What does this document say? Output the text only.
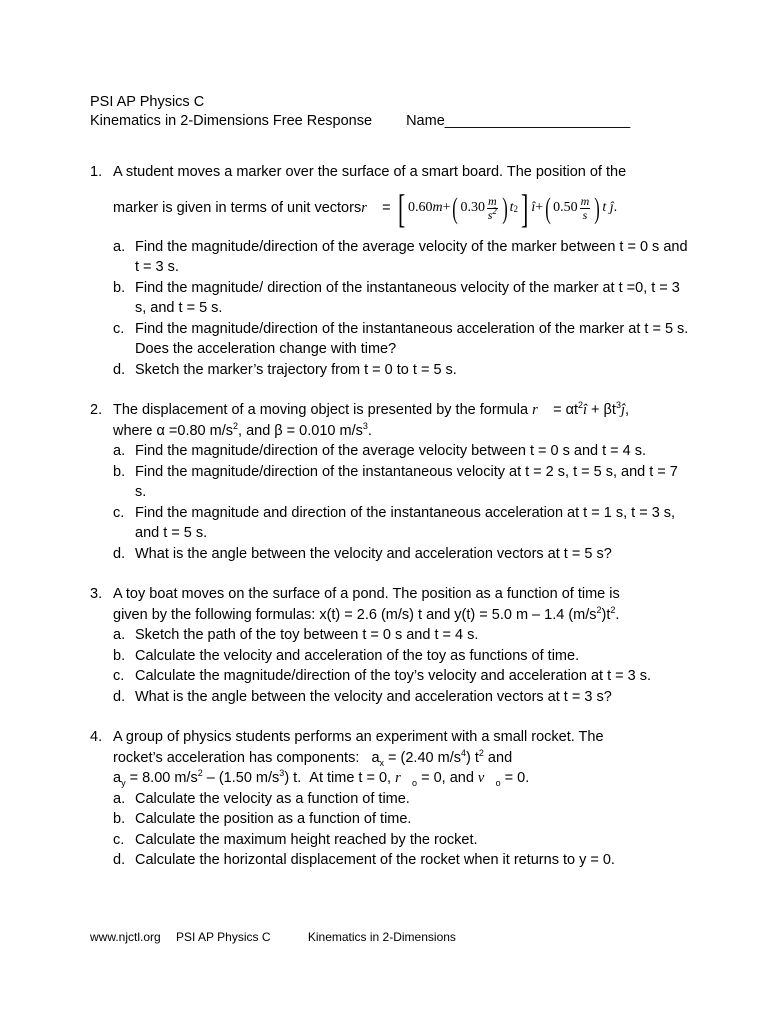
PSI AP Physics C

Kinematics in 2-Dimensions Free Response Name_______________________

1. A student moves a marker over the surface of a smart board. The position of the
marker is given in terms of unit vectors r⃗ = [ 0.60 m + ( $0.30 \frac{m}{s^2}$ ) t 2 ] î + ( $0.50 \frac{m}{s}$ ) t ĵ .
a. Find the magnitude/direction of the average velocity of the marker between t = 0 s and t = 3 s.
b. Find the magnitude/ direction of the instantaneous velocity of the marker at t =0, t = 3 s, and t = 5 s.
c. Find the magnitude/direction of the instantaneous acceleration of the marker at t = 5 s. Does the acceleration change with time?
d. Sketch the marker’s trajectory from t = 0 to t = 5 s.
2. The displacement of a moving object is presented by the formula r⃗ = $\alpha t^2î$ + $\beta t^3ĵ$,
where α =0.80 $m/s^2$, and β = 0.010 $m/s^3$.
a. Find the magnitude/direction of the average velocity between t = 0 s and t = 4 s.
b. Find the magnitude/direction of the instantaneous velocity at t = 2 s, t = 5 s, and t = 7 s.
c. Find the magnitude and direction of the instantaneous acceleration at t = 1 s, t = 3 s, and t = 5 s.
d. What is the angle between the velocity and acceleration vectors at t = 5 s?
3. A toy boat moves on the surface of a pond. The position as a function of time is
given by the following formulas: x(t) = 2.6 (m/s) t and y(t) = 5.0 m – 1.4 $(m/s^2)t^2$.
a. Sketch the path of the toy between t = 0 s and t = 4 s.
b. Calculate the velocity and acceleration of the toy as functions of time.
c. Calculate the magnitude/direction of the toy’s velocity and acceleration at t = 3 s.
d. What is the angle between the velocity and acceleration vectors at t = 3 s?
4. A group of physics students performs an experiment with a small rocket. The
rocket’s acceleration has components:   $a_x = (2.40$ $m/s^4$) $t^2$ and
$a_y = 8.00$ $m/s^2 - (1.50$ $m/s^3$) t.  At time t = 0, $r⃗_o = 0$, and $v⃗_o = 0$.
a. Calculate the velocity as a function of time.
b. Calculate the position as a function of time.
c. Calculate the maximum height reached by the rocket.
d. Calculate the horizontal displacement of the rocket when it returns to y = 0.
www.njctl.org PSI AP Physics C	Kinematics in 2-Dimensions
